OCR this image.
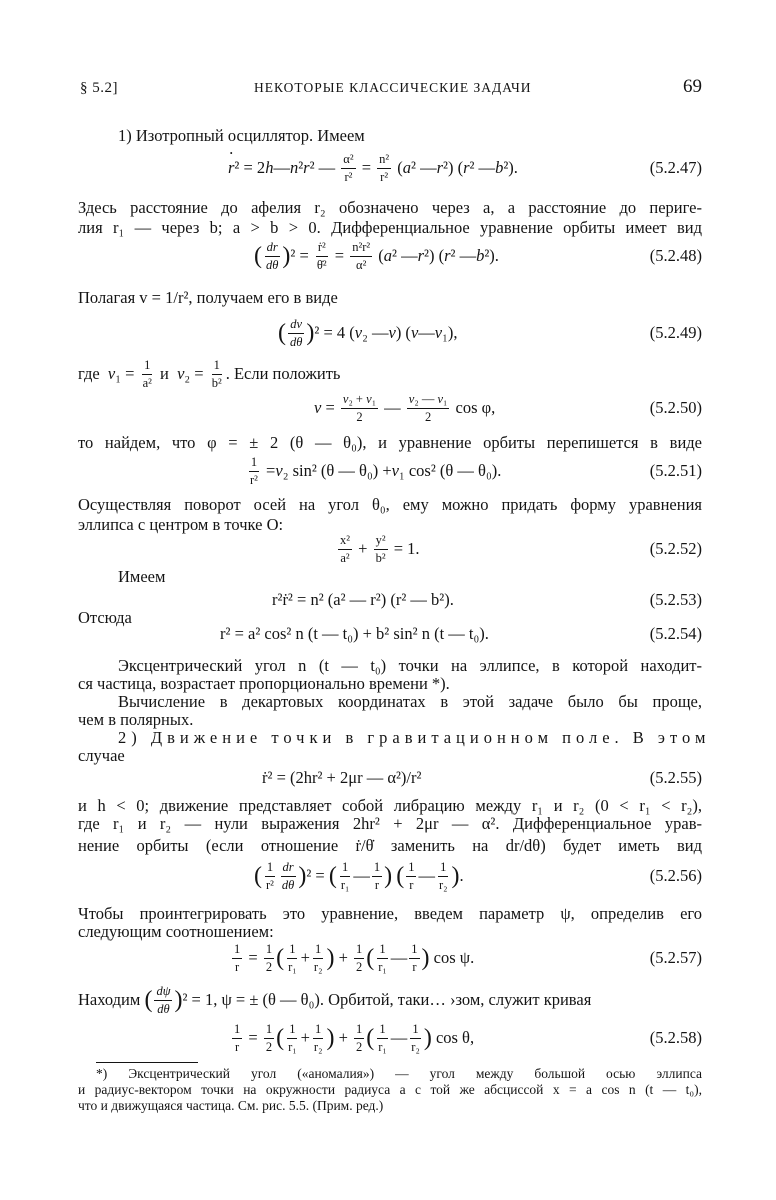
§ 5.2]	НЕКОТОРЫЕ КЛАССИЧЕСКИЕ ЗАДАЧИ	69
1) Изотропный осциллятор. Имеем
• r ² = 2 h — n ² r ² — $\frac{\text{α²}}{\text{r²}} = \frac{\text{n²}}{\text{r²}}$ ( a ² — r ²) ( r ² — b ²).	(5.2.47)
Здесь расстояние до афелия r₂ обозначено через a, а расстояние до периге-
лия r₁ — через b; a > b > 0. Дифференциальное уравнение орбиты имеет вид
( $\frac{dr}{d\theta}$ ) $^2 = \frac{\text{ṙ²}}{\text{θ̇²}} = \frac{\text{n²r²}}{\text{α²}}$ ( a ² — r ²) ( r ² — b ²).	(5.2.48)
Полагая v = 1/r², получаем его в виде
( $\frac{dv}{d\theta}$ ) ² = 4 ( v ₂ — v ) ( v — v ₁),	(5.2.49)
где
v $_1 = \frac{1}{\text{a²}}$ и v $_2 = \frac{1}{\text{b²}}$ . Если положить
$v = \frac{\text{v₂ + v₁}}{2}$ — $\frac{\text{v₂ — v₁}}{2}$ cos φ,	(5.2.50)
то найдем, что φ = ± 2 (θ — θ₀), и уравнение орбиты перепишется в виде
$\frac{1}{\text{r²}} = v$ ₂ sin² (θ — θ₀) + v ₁ cos² (θ — θ₀).	(5.2.51)
Осуществляя поворот осей на угол θ₀, ему можно придать форму уравнения
эллипса с центром в точке O:
$\frac{\text{x²}}{\text{a²}} + \frac{\text{y²}}{\text{b²}} = 1$.	(5.2.52)
Имеем
r²ṙ² = n² (a² — r²) (r² — b²).	(5.2.53)
Отсюда
r² = a² cos² n (t — t₀) + b² sin² n (t — t₀).	(5.2.54)
Эксцентрический угол n (t — t₀) точки на эллипсе, в которой находит-
ся частица, возрастает пропорционально времени *).
Вычисление в декартовых координатах в этой задаче было бы проще,
чем в полярных.
2) Движение точки в гравитационном поле. В этом
случае
ṙ² = (2hr² + 2μr — α²)/r²	(5.2.55)
и h < 0; движение представляет собой либрацию между r₁ и r₂ (0 < r₁ < r₂),
где r₁ и r₂ — нули выражения 2hr² + 2μr — α². Дифференциальное урав-
нение орбиты (если отношение ṙ/θ̇ заменить на dr/dθ) будет иметь вид
( $\frac{1}{\text{r²}} \frac{dr}{d\theta}$ ) ² = ( $\frac{1}{\text{r₁}}$ — $\frac{1}{r}$ )
( $\frac{1}{r}$ — $\frac{1}{\text{r₂}}$ ) .	(5.2.56)
Чтобы проинтегрировать это уравнение, введем параметр ψ, определив его
следующим соотношением:
$\frac{1}{r} = \frac{1}{2}$ ( $\frac{1}{\text{r₁}} + \frac{1}{\text{r₂}}$ ) + $\frac{1}{2}$ ( $\frac{1}{\text{r₁}}$ — $\frac{1}{r}$ ) cos ψ.	(5.2.57)
Находим
( $\frac{d\psi}{d\theta}$ ) ² = 1, ψ = ± (θ — θ₀). Орбитой, таки… ›зом, служит кривая
$\frac{1}{r} = \frac{1}{2}$ ( $\frac{1}{\text{r₁}} + \frac{1}{\text{r₂}}$ ) + $\frac{1}{2}$ ( $\frac{1}{\text{r₁}}$ — $\frac{1}{\text{r₂}}$ ) cos θ,	(5.2.58)
*) Эксцентрический угол («аномалия») — угол между большой осью эллипса
и радиус-вектором точки на окружности радиуса a с той же абсциссой x = a cos n (t — t₀),
что и движущаяся частица. См. рис. 5.5. (Прим. ред.)
